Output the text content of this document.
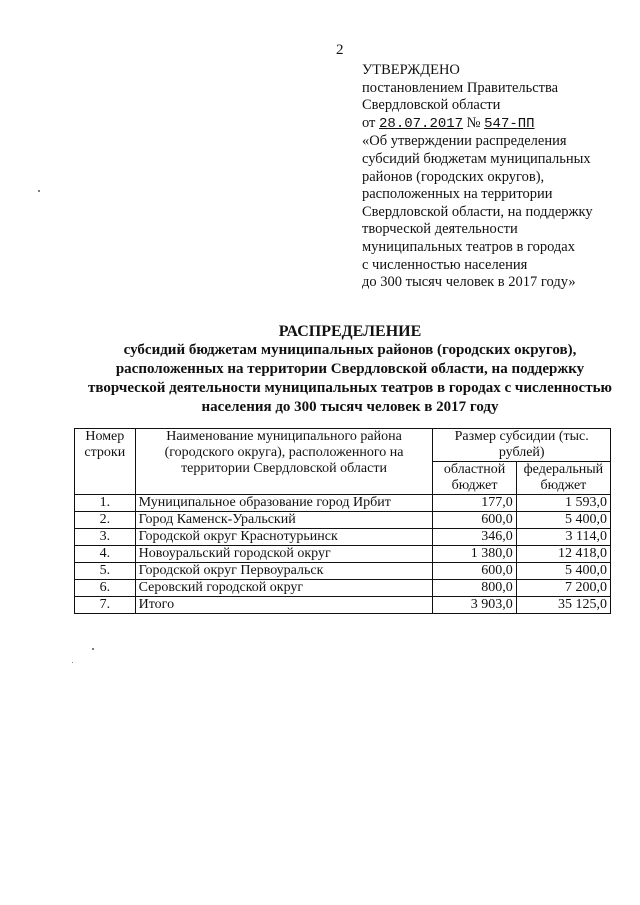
2
УТВЕРЖДЕНО
постановлением Правительства
Свердловской области
от 28.07.2017 № 547-ПП
«Об утверждении распределения
субсидий бюджетам муниципальных
районов (городских округов),
расположенных на территории
Свердловской области, на поддержку
творческой деятельности
муниципальных театров в городах
с численностью населения
до 300 тысяч человек в 2017 году»
РАСПРЕДЕЛЕНИЕ
субсидий бюджетам муниципальных районов (городских округов),
расположенных на территории Свердловской области, на поддержку
творческой деятельности муниципальных театров в городах с численностью
населения до 300 тысяч человек в 2017 году
Номер строки	Наименование муниципального района (городского округа), расположенного на территории Свердловской области	Размер субсидии (тыс. рублей)	
		областной бюджет	федеральный бюджет
1.	Муниципальное образование город Ирбит	177,0	1 593,0
2.	Город Каменск-Уральский	600,0	5 400,0
3.	Городской округ Краснотурьинск	346,0	3 114,0
4.	Новоуральский городской округ	1 380,0	12 418,0
5.	Городской округ Первоуральск	600,0	5 400,0
6.	Серовский городской округ	800,0	7 200,0
7.	Итого	3 903,0	35 125,0
